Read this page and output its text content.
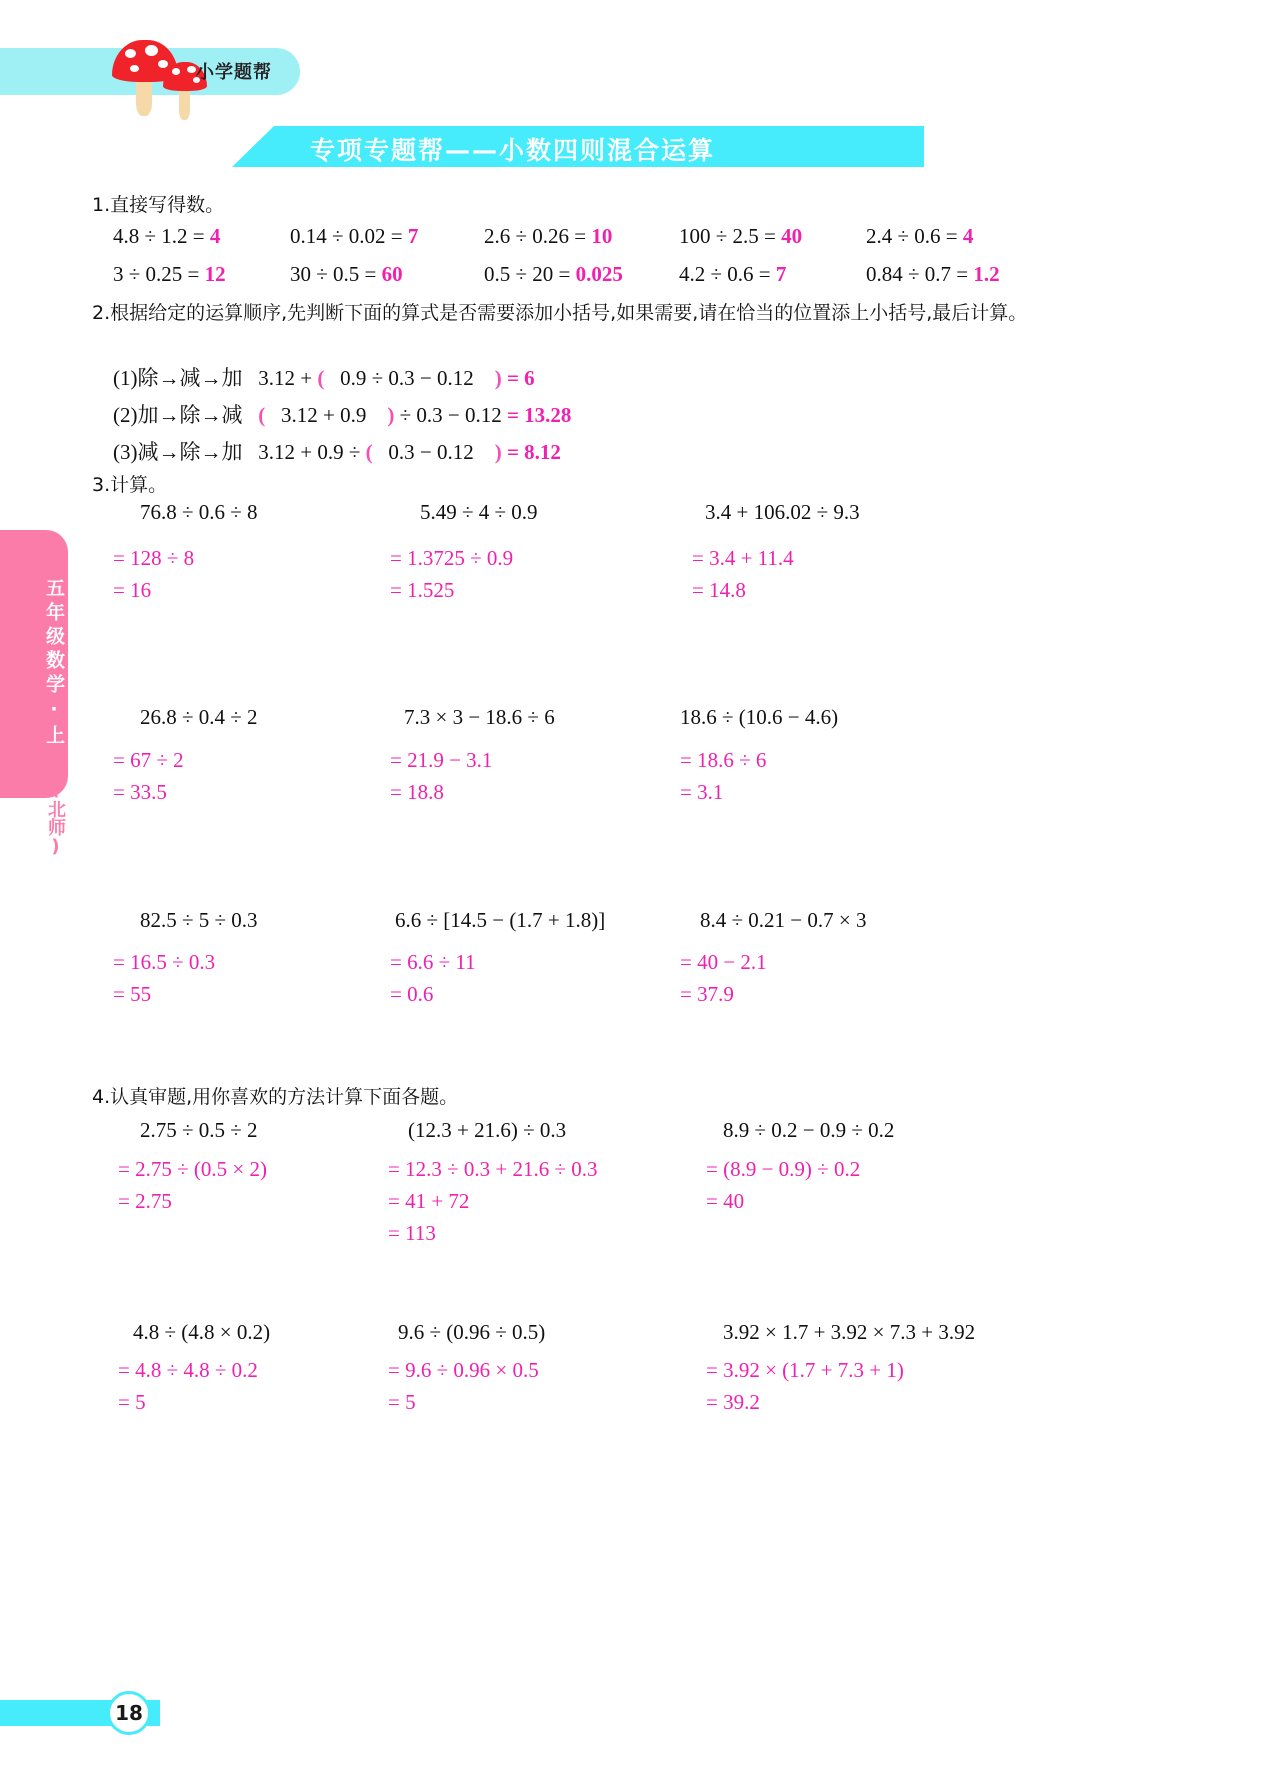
小学题帮
专项专题帮——小数四则混合运算
五年级数学·上
(北师)
1.直接写得数。
4.8 ÷ 1.2 = 4	0.14 ÷ 0.02 = 7	2.6 ÷ 0.26 = 10	100 ÷ 2.5 = 40	2.4 ÷ 0.6 = 4
3 ÷ 0.25 = 12	30 ÷ 0.5 = 60	0.5 ÷ 20 = 0.025	4.2 ÷ 0.6 = 7	0.84 ÷ 0.7 = 1.2
2.根据给定的运算顺序,先判断下面的算式是否需要添加小括号,如果需要,请在恰当的位置添上小括号,最后计算。
(1)除→减→加 3.12 + ( 0.9 ÷ 0.3 − 0.12 ) = 6
(2)加→除→减 ( 3.12 + 0.9 ) ÷ 0.3 − 0.12 = 13.28
(3)减→除→加 3.12 + 0.9 ÷ ( 0.3 − 0.12 ) = 8.12
3.计算。
76.8 ÷ 0.6 ÷ 8
= 128 ÷ 8
= 16
5.49 ÷ 4 ÷ 0.9
= 1.3725 ÷ 0.9
= 1.525
3.4 + 106.02 ÷ 9.3
= 3.4 + 11.4
= 14.8
26.8 ÷ 0.4 ÷ 2
= 67 ÷ 2
= 33.5
7.3 × 3 − 18.6 ÷ 6
= 21.9 − 3.1
= 18.8
18.6 ÷ (10.6 − 4.6)
= 18.6 ÷ 6
= 3.1
82.5 ÷ 5 ÷ 0.3
= 16.5 ÷ 0.3
= 55
6.6 ÷ [14.5 − (1.7 + 1.8)]
= 6.6 ÷ 11
= 0.6
8.4 ÷ 0.21 − 0.7 × 3
= 40 − 2.1
= 37.9
4.认真审题,用你喜欢的方法计算下面各题。
2.75 ÷ 0.5 ÷ 2
= 2.75 ÷ (0.5 × 2)
= 2.75
(12.3 + 21.6) ÷ 0.3
= 12.3 ÷ 0.3 + 21.6 ÷ 0.3
= 41 + 72
= 113
8.9 ÷ 0.2 − 0.9 ÷ 0.2
= (8.9 − 0.9) ÷ 0.2
= 40
4.8 ÷ (4.8 × 0.2)
= 4.8 ÷ 4.8 ÷ 0.2
= 5
9.6 ÷ (0.96 ÷ 0.5)
= 9.6 ÷ 0.96 × 0.5
= 5
3.92 × 1.7 + 3.92 × 7.3 + 3.92
= 3.92 × (1.7 + 7.3 + 1)
= 39.2
18
